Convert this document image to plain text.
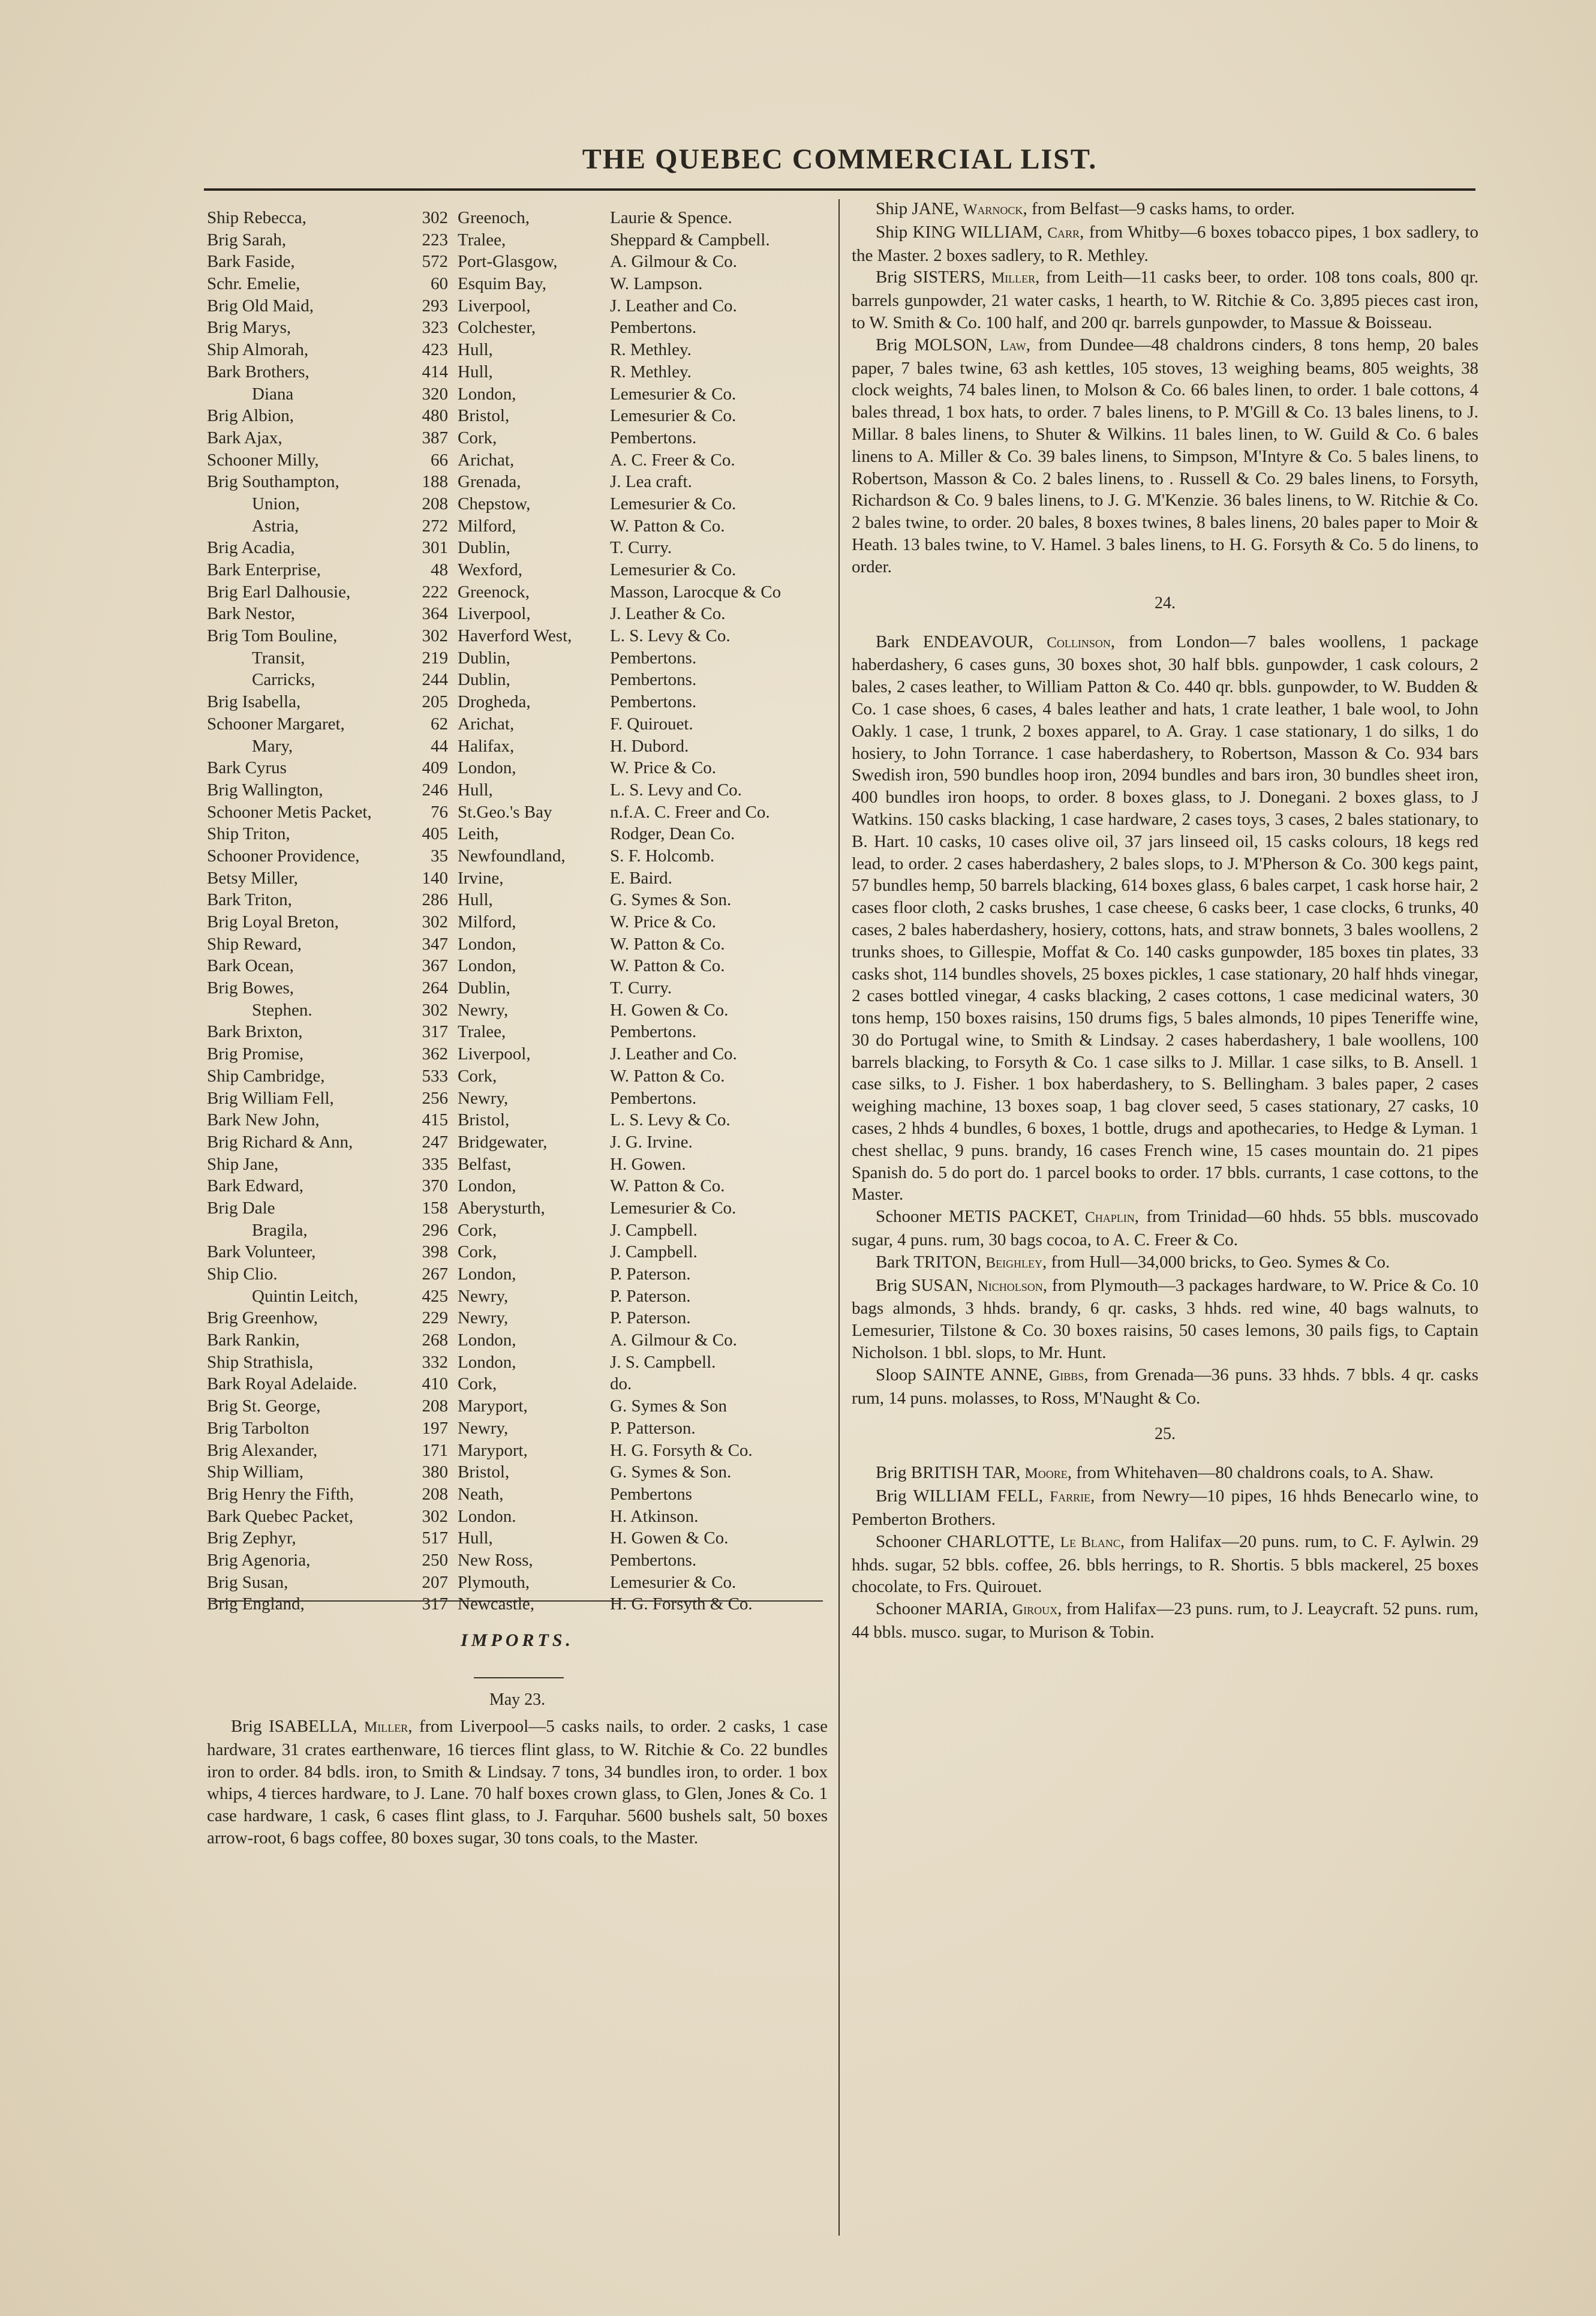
THE QUEBEC COMMERCIAL LIST.
Ship Rebecca,	302 Greenoch,	Laurie & Spence.
Brig Sarah,	223 Tralee,	Sheppard & Campbell.
Bark Faside,	572 Port-Glasgow,	A. Gilmour & Co.
Schr. Emelie,	60 Esquim Bay,	W. Lampson.
Brig Old Maid,	293 Liverpool,	J. Leather and Co.
Brig Marys,	323 Colchester,	Pembertons.
Ship Almorah,	423 Hull,	R. Methley.
Bark Brothers,	414 Hull,	R. Methley.
Diana	320 London,	Lemesurier & Co.
Brig Albion,	480 Bristol,	Lemesurier & Co.
Bark Ajax,	387 Cork,	Pembertons.
Schooner Milly,	66 Arichat,	A. C. Freer & Co.
Brig Southampton,	188 Grenada,	J. Lea craft.
Union,	208 Chepstow,	Lemesurier & Co.
Astria,	272 Milford,	W. Patton & Co.
Brig Acadia,	301 Dublin,	T. Curry.
Bark Enterprise,	48 Wexford,	Lemesurier & Co.
Brig Earl Dalhousie,	222 Greenock,	Masson, Larocque & Co
Bark Nestor,	364 Liverpool,	J. Leather & Co.
Brig Tom Bouline,	302 Haverford West, L. S. Levy & Co.
Transit,	219 Dublin,	Pembertons.
Carricks,	244 Dublin,	Pembertons.
Brig Isabella,	205 Drogheda,	Pembertons.
Schooner Margaret,	62 Arichat,	F. Quirouet.
Mary,	44 Halifax,	H. Dubord.
Bark Cyrus	409 London,	W. Price & Co.
Brig Wallington,	246 Hull,	L. S. Levy and Co.
Schooner Metis Packet,	76 St.Geo.'s Bay	n.f.A. C. Freer and Co.
Ship Triton,	405 Leith,	Rodger, Dean Co.
Schooner Providence,	35 Newfoundland,	S. F. Holcomb.
Betsy Miller,	140 Irvine,	E. Baird.
Bark Triton,	286 Hull,	G. Symes & Son.
Brig Loyal Breton,	302 Milford,	W. Price & Co.
Ship Reward,	347 London,	W. Patton & Co.
Bark Ocean,	367 London,	W. Patton & Co.
Brig Bowes,	264 Dublin,	T. Curry.
Stephen.	302 Newry,	H. Gowen & Co.
Bark Brixton,	317 Tralee,	Pembertons.
Brig Promise,	362 Liverpool,	J. Leather and Co.
Ship Cambridge,	533 Cork,	W. Patton & Co.
Brig William Fell,	256 Newry,	Pembertons.
Bark New John,	415 Bristol,	L. S. Levy & Co.
Brig Richard & Ann,	247 Bridgewater,	J. G. Irvine.
Ship Jane,	335 Belfast,	H. Gowen.
Bark Edward,	370 London,	W. Patton & Co.
Brig Dale	158 Aberysturth,	Lemesurier & Co.
Bragila,	296 Cork,	J. Campbell.
Bark Volunteer,	398 Cork,	J. Campbell.
Ship Clio.	267 London,	P. Paterson.
Quintin Leitch,	425 Newry,	P. Paterson.
Brig Greenhow,	229 Newry,	P. Paterson.
Bark Rankin,	268 London,	A. Gilmour & Co.
Ship Strathisla,	332 London,	J. S. Campbell.
Bark Royal Adelaide.	410 Cork,	do.
Brig St. George,	208 Maryport,	G. Symes & Son
Brig Tarbolton	197 Newry,	P. Patterson.
Brig Alexander,	171 Maryport,	H. G. Forsyth & Co.
Ship William,	380 Bristol,	G. Symes & Son.
Brig Henry the Fifth,	208 Neath,	Pembertons
Bark Quebec Packet,	302 London.	H. Atkinson.
Brig Zephyr,	517 Hull,	H. Gowen & Co.
Brig Agenoria,	250 New Ross,	Pembertons.
Brig Susan,	207 Plymouth,	Lemesurier & Co.
Brig England,	317 Newcastle,	H. G. Forsyth & Co.
IMPORTS.
May 23.

Brig ISABELLA, Miller, from Liverpool—5 casks nails, to order. 2 casks, 1 case hardware, 31 crates earthenware, 16 tierces flint glass, to W. Ritchie & Co. 22 bundles iron to order. 84 bdls. iron, to Smith & Lindsay. 7 tons, 34 bundles iron, to order. 1 box whips, 4 tierces hardware, to J. Lane. 70 half boxes crown glass, to Glen, Jones & Co. 1 case hardware, 1 cask, 6 cases flint glass, to J. Farquhar. 5600 bushels salt, 50 boxes arrow-root, 6 bags coffee, 80 boxes sugar, 30 tons coals, to the Master.

Ship JANE, Warnock, from Belfast—9 casks hams, to order.

Ship KING WILLIAM, Carr, from Whitby—6 boxes tobacco pipes, 1 box sadlery, to the Master. 2 boxes sadlery, to R. Methley.

Brig SISTERS, Miller, from Leith—11 casks beer, to order. 108 tons coals, 800 qr. barrels gunpowder, 21 water casks, 1 hearth, to W. Ritchie & Co. 3,895 pieces cast iron, to W. Smith & Co. 100 half, and 200 qr. barrels gunpowder, to Massue & Boisseau.

Brig MOLSON, Law, from Dundee—48 chaldrons cinders, 8 tons hemp, 20 bales paper, 7 bales twine, 63 ash kettles, 105 stoves, 13 weighing beams, 805 weights, 38 clock weights, 74 bales linen, to Molson & Co. 66 bales linen, to order. 1 bale cottons, 4 bales thread, 1 box hats, to order. 7 bales linens, to P. M'Gill & Co. 13 bales linens, to J. Millar. 8 bales linens, to Shuter & Wilkins. 11 bales linen, to W. Guild & Co. 6 bales linens to A. Miller & Co. 39 bales linens, to Simpson, M'Intyre & Co. 5 bales linens, to Robertson, Masson & Co. 2 bales linens, to . Russell & Co. 29 bales linens, to Forsyth, Richardson & Co. 9 bales linens, to J. G. M'Kenzie. 36 bales linens, to W. Ritchie & Co. 2 bales twine, to order. 20 bales, 8 boxes twines, 8 bales linens, 20 bales paper to Moir & Heath. 13 bales twine, to V. Hamel. 3 bales linens, to H. G. Forsyth & Co. 5 do linens, to order.

24.

Bark ENDEAVOUR, Collinson, from London—7 bales woollens, 1 package haberdashery, 6 cases guns, 30 boxes shot, 30 half bbls. gunpowder, 1 cask colours, 2 bales, 2 cases leather, to William Patton & Co. 440 qr. bbls. gunpowder, to W. Budden & Co. 1 case shoes, 6 cases, 4 bales leather and hats, 1 crate leather, 1 bale wool, to John Oakly. 1 case, 1 trunk, 2 boxes apparel, to A. Gray. 1 case stationary, 1 do silks, 1 do hosiery, to John Torrance. 1 case haberdashery, to Robertson, Masson & Co. 934 bars Swedish iron, 590 bundles hoop iron, 2094 bundles and bars iron, 30 bundles sheet iron, 400 bundles iron hoops, to order. 8 boxes glass, to J. Donegani. 2 boxes glass, to J Watkins. 150 casks blacking, 1 case hardware, 2 cases toys, 3 cases, 2 bales stationary, to B. Hart. 10 casks, 10 cases olive oil, 37 jars linseed oil, 15 casks colours, 18 kegs red lead, to order. 2 cases haberdashery, 2 bales slops, to J. M'Pherson & Co. 300 kegs paint, 57 bundles hemp, 50 barrels blacking, 614 boxes glass, 6 bales carpet, 1 cask horse hair, 2 cases floor cloth, 2 casks brushes, 1 case cheese, 6 casks beer, 1 case clocks, 6 trunks, 40 cases, 2 bales haberdashery, hosiery, cottons, hats, and straw bonnets, 3 bales woollens, 2 trunks shoes, to Gillespie, Moffat & Co. 140 casks gunpowder, 185 boxes tin plates, 33 casks shot, 114 bundles shovels, 25 boxes pickles, 1 case stationary, 20 half hhds vinegar, 2 cases bottled vinegar, 4 casks blacking, 2 cases cottons, 1 case medicinal waters, 30 tons hemp, 150 boxes raisins, 150 drums figs, 5 bales almonds, 10 pipes Teneriffe wine, 30 do Portugal wine, to Smith & Lindsay. 2 cases haberdashery, 1 bale woollens, 100 barrels blacking, to Forsyth & Co. 1 case silks to J. Millar. 1 case silks, to B. Ansell. 1 case silks, to J. Fisher. 1 box haberdashery, to S. Bellingham. 3 bales paper, 2 cases weighing machine, 13 boxes soap, 1 bag clover seed, 5 cases stationary, 27 casks, 10 cases, 2 hhds 4 bundles, 6 boxes, 1 bottle, drugs and apothecaries, to Hedge & Lyman. 1 chest shellac, 9 puns. brandy, 16 cases French wine, 15 cases mountain do. 21 pipes Spanish do. 5 do port do. 1 parcel books to order. 17 bbls. currants, 1 case cottons, to the Master.

Schooner METIS PACKET, Chaplin, from Trinidad—60 hhds. 55 bbls. muscovado sugar, 4 puns. rum, 30 bags cocoa, to A. C. Freer & Co.

Bark TRITON, Beighley, from Hull—34,000 bricks, to Geo. Symes & Co.

Brig SUSAN, Nicholson, from Plymouth—3 packages hardware, to W. Price & Co. 10 bags almonds, 3 hhds. brandy, 6 qr. casks, 3 hhds. red wine, 40 bags walnuts, to Lemesurier, Tilstone & Co. 30 boxes raisins, 50 cases lemons, 30 pails figs, to Captain Nicholson. 1 bbl. slops, to Mr. Hunt.

Sloop SAINTE ANNE, Gibbs, from Grenada—36 puns. 33 hhds. 7 bbls. 4 qr. casks rum, 14 puns. molasses, to Ross, M'Naught & Co.

25.

Brig BRITISH TAR, Moore, from Whitehaven—80 chaldrons coals, to A. Shaw.

Brig WILLIAM FELL, Farrie, from Newry—10 pipes, 16 hhds Benecarlo wine, to Pemberton Brothers.

Schooner CHARLOTTE, Le Blanc, from Halifax—20 puns. rum, to C. F. Aylwin. 29 hhds. sugar, 52 bbls. coffee, 26. bbls herrings, to R. Shortis. 5 bbls mackerel, 25 boxes chocolate, to Frs. Quirouet.

Schooner MARIA, Giroux, from Halifax—23 puns. rum, to J. Leaycraft. 52 puns. rum, 44 bbls. musco. sugar, to Murison & Tobin.
